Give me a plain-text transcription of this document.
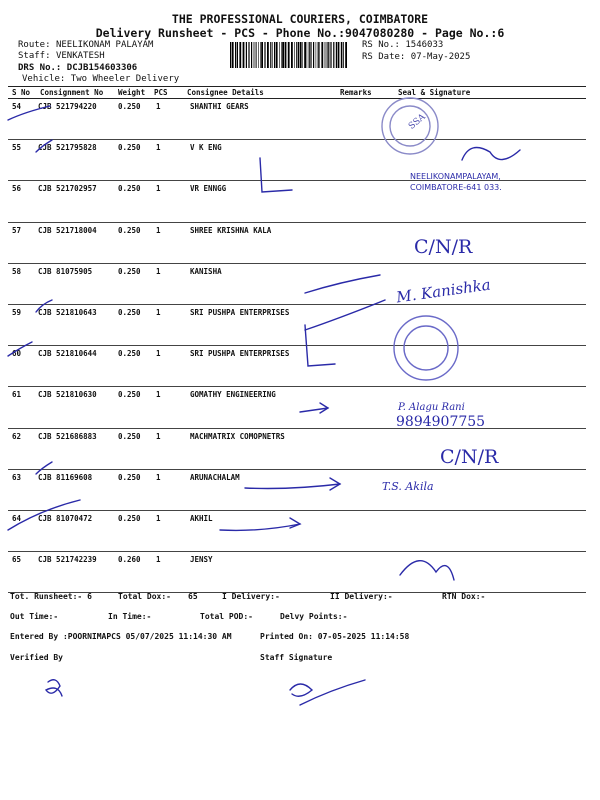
THE PROFESSIONAL COURIERS, COIMBATORE
Delivery Runsheet - PCS - Phone No.:9047080280 - Page No.:6
Route: NEELIKONAM PALAYAM
Staff: VENKATESH
DRS No.: DCJB154603306
Vehicle: Two Wheeler Delivery
RS No.: 1546033
RS Date: 07-May-2025
S No Consignment No Weight PCS	Consignee Details	Remarks	Seal & Signature
54 CJB 521794220	0.250 1	SHANTHI GEARS
55 CJB 521795828	0.250 1	V K ENG
56 CJB 521702957	0.250 1	VR ENNGG
57 CJB 521718004	0.250 1	SHREE KRISHNA KALA
58 CJB 81075905	0.250 1	KANISHA
59 CJB 521810643	0.250 1	SRI PUSHPA ENTERPRISES
60 CJB 521810644	0.250 1	SRI PUSHPA ENTERPRISES
61 CJB 521810630	0.250 1	GOMATHY ENGINEERING
62 CJB 521686883	0.250 1	MACHMATRIX COMOPNETRS
63 CJB 81169608	0.250 1	ARUNACHALAM
64 CJB 81070472	0.250 1	AKHIL
65 CJB 521742239	0.260 1	JENSY
SSA
NEELIKONAMPALAYAM,
COIMBATORE-641 033.
C/N/R
M. Kanishka
P. Alagu Rani
9894907755
C/N/R
T.S. Akila
Tot. Runsheet:- 6	Total Dox:- 65	I Delivery:-	II Delivery:-	RTN Dox:-
Out Time:-	In Time:-	Total POD:-	Delvy Points:-
Entered By :POORNIMAPCS 05/07/2025 11:14:30 AM	Printed On: 07-05-2025 11:14:58
Verified By	Staff Signature
